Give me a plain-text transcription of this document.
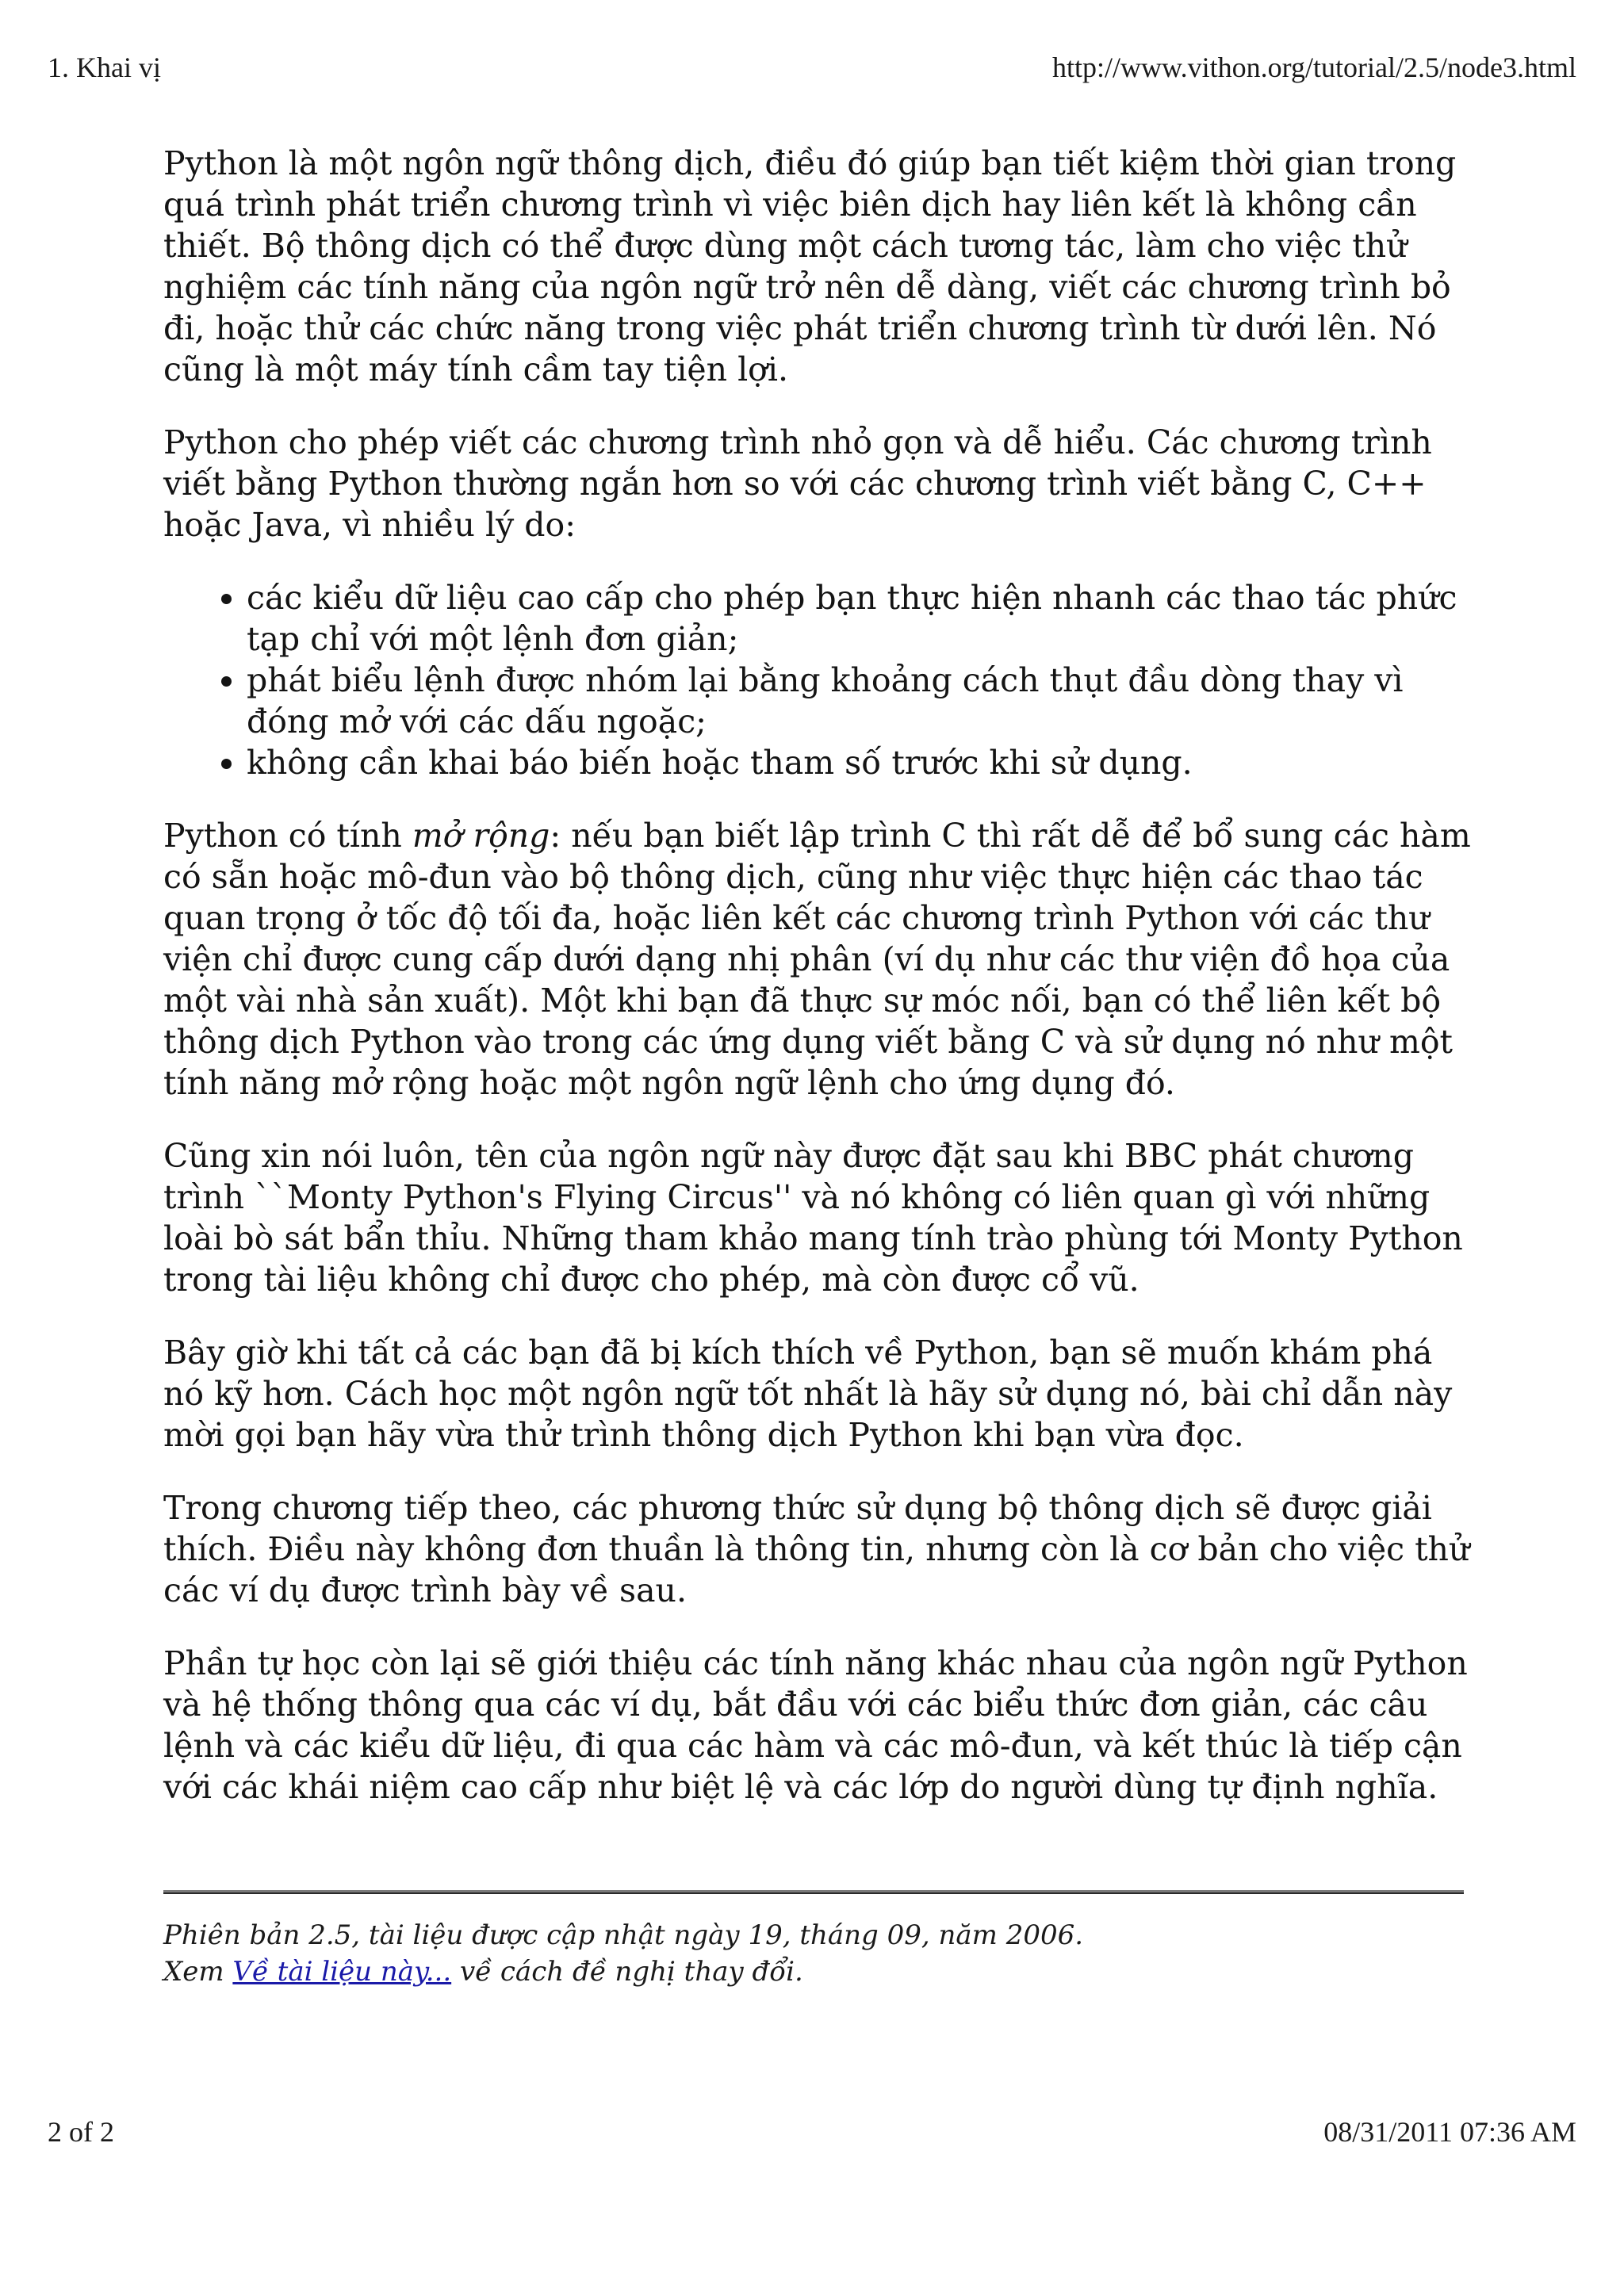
1. Khai vị	http://www.vithon.org/tutorial/2.5/node3.html

Python là một ngôn ngữ thông dịch, điều đó giúp bạn tiết kiệm thời gian trong quá trình phát triển chương trình vì việc biên dịch hay liên kết là không cần thiết. Bộ thông dịch có thể được dùng một cách tương tác, làm cho việc thử nghiệm các tính năng của ngôn ngữ trở nên dễ dàng, viết các chương trình bỏ đi, hoặc thử các chức năng trong việc phát triển chương trình từ dưới lên. Nó cũng là một máy tính cầm tay tiện lợi.

Python cho phép viết các chương trình nhỏ gọn và dễ hiểu. Các chương trình viết bằng Python thường ngắn hơn so với các chương trình viết bằng C, C++ hoặc Java, vì nhiều lý do:

• các kiểu dữ liệu cao cấp cho phép bạn thực hiện nhanh các thao tác phức tạp chỉ với một lệnh đơn giản;
• phát biểu lệnh được nhóm lại bằng khoảng cách thụt đầu dòng thay vì đóng mở với các dấu ngoặc;
• không cần khai báo biến hoặc tham số trước khi sử dụng.

Python có tính mở rộng: nếu bạn biết lập trình C thì rất dễ để bổ sung các hàm có sẵn hoặc mô-đun vào bộ thông dịch, cũng như việc thực hiện các thao tác quan trọng ở tốc độ tối đa, hoặc liên kết các chương trình Python với các thư viện chỉ được cung cấp dưới dạng nhị phân (ví dụ như các thư viện đồ họa của một vài nhà sản xuất). Một khi bạn đã thực sự móc nối, bạn có thể liên kết bộ thông dịch Python vào trong các ứng dụng viết bằng C và sử dụng nó như một tính năng mở rộng hoặc một ngôn ngữ lệnh cho ứng dụng đó.

Cũng xin nói luôn, tên của ngôn ngữ này được đặt sau khi BBC phát chương trình ``Monty Python's Flying Circus'' và nó không có liên quan gì với những loài bò sát bẩn thỉu. Những tham khảo mang tính trào phùng tới Monty Python trong tài liệu không chỉ được cho phép, mà còn được cổ vũ.

Bây giờ khi tất cả các bạn đã bị kích thích về Python, bạn sẽ muốn khám phá nó kỹ hơn. Cách học một ngôn ngữ tốt nhất là hãy sử dụng nó, bài chỉ dẫn này mời gọi bạn hãy vừa thử trình thông dịch Python khi bạn vừa đọc.

Trong chương tiếp theo, các phương thức sử dụng bộ thông dịch sẽ được giải thích. Điều này không đơn thuần là thông tin, nhưng còn là cơ bản cho việc thử các ví dụ được trình bày về sau.

Phần tự học còn lại sẽ giới thiệu các tính năng khác nhau của ngôn ngữ Python và hệ thống thông qua các ví dụ, bắt đầu với các biểu thức đơn giản, các câu lệnh và các kiểu dữ liệu, đi qua các hàm và các mô-đun, và kết thúc là tiếp cận với các khái niệm cao cấp như biệt lệ và các lớp do người dùng tự định nghĩa.

Phiên bản 2.5, tài liệu được cập nhật ngày 19, tháng 09, năm 2006.
Xem Về tài liệu này... về cách đề nghị thay đổi.
2 of 2	08/31/2011 07:36 AM
